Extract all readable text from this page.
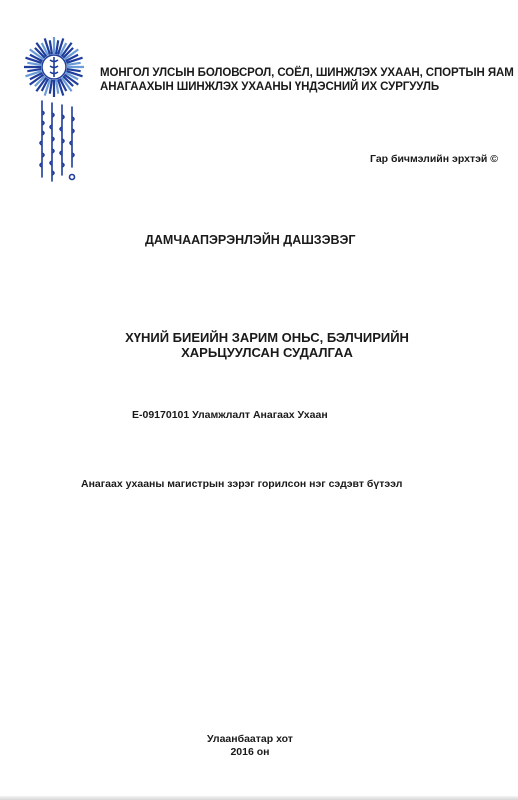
МОНГОЛ УЛСЫН БОЛОВСРОЛ, СОЁЛ, ШИНЖЛЭХ УХААН, СПОРТЫН ЯАМ
АНАГААХЫН ШИНЖЛЭХ УХААНЫ ҮНДЭСНИЙ ИХ СУРГУУЛЬ
Гар бичмэлийн эрхтэй ©
ДАМЧААПЭРЭНЛЭЙН ДАШЗЭВЭГ
ХҮНИЙ БИЕИЙН ЗАРИМ ОНЬС, БЭЛЧИРИЙН
ХАРЬЦУУЛСАН СУДАЛГАА
E-09170101 Уламжлалт Анагаах Ухаан
Анагаах ухааны магистрын зэрэг горилсон нэг сэдэвт бүтээл
Улаанбаатар хот
2016 он
